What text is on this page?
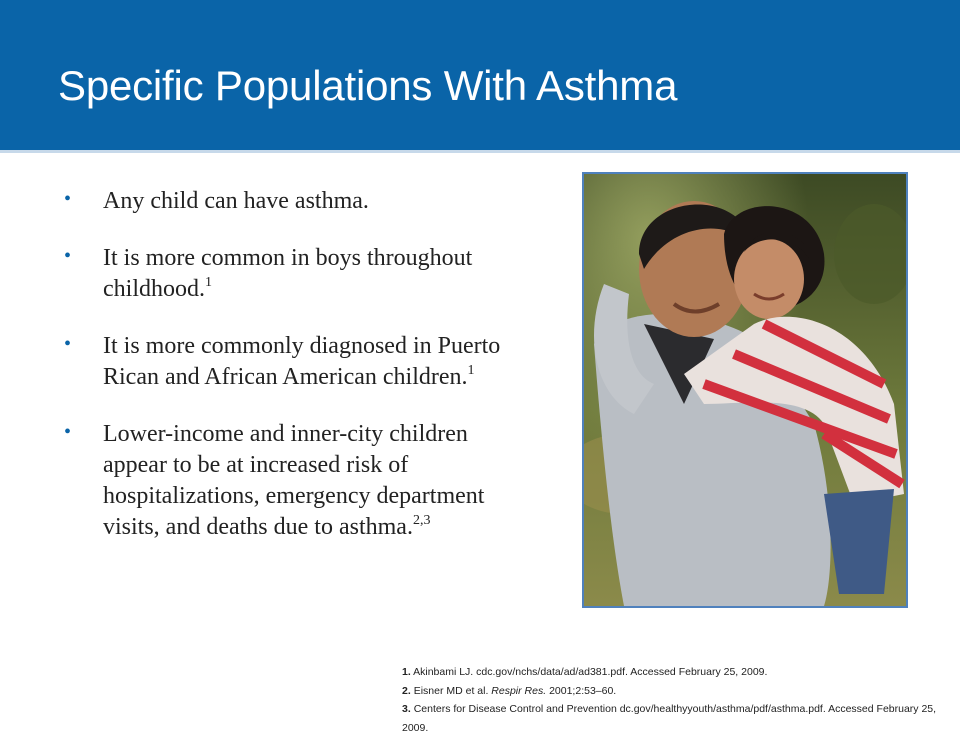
Specific Populations With Asthma
• Any child can have asthma.
• It is more common in boys throughout childhood.$^1$
• It is more commonly diagnosed in Puerto Rican and African American children.$^1$
• Lower-income and inner-city children appear to be at increased risk of hospitalizations, emergency department visits, and deaths due to asthma.$^{2,3}$
1. Akinbami LJ. cdc.gov/nchs/data/ad/ad381.pdf. Accessed February 25, 2009.
2. Eisner MD et al. Respir Res. 2001;2:53–60.
3. Centers for Disease Control and Prevention dc.gov/healthyyouth/asthma/pdf/asthma.pdf. Accessed February 25, 2009.
